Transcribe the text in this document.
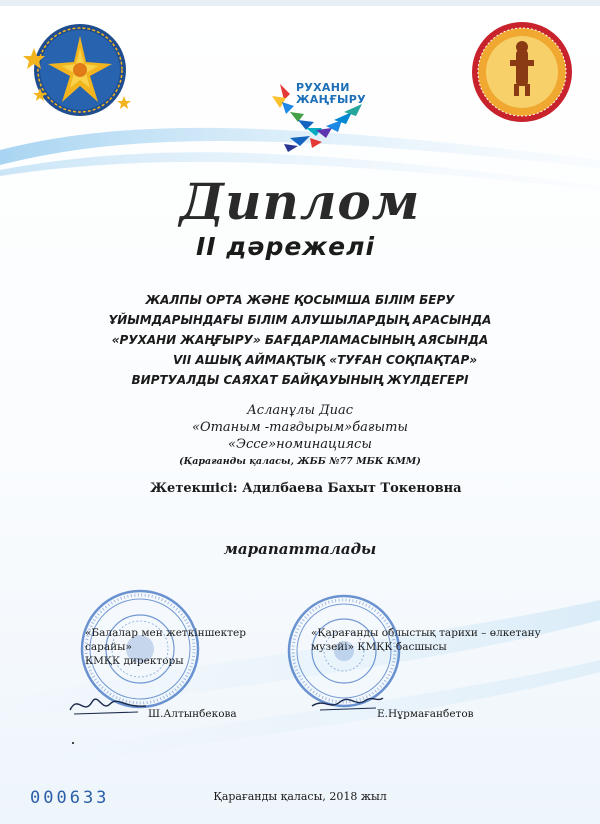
РУХАНИ
ЖАҢҒЫРУ
Диплом
II дәрежелі
ЖАЛПЫ ОРТА ЖӘНЕ ҚОСЫМША БІЛІМ БЕРУ
ҰЙЫМДАРЫНДАҒЫ БІЛІМ АЛУШЫЛАРДЫҢ АРАСЫНДА
«РУХАНИ ЖАҢҒЫРУ» БАҒДАРЛАМАСЫНЫҢ АЯСЫНДА
VII АШЫҚ АЙМАҚТЫҚ «ТУҒАН СОҚПАҚТАР»
ВИРТУАЛДЫ САЯХАТ БАЙҚАУЫНЫҢ ЖҮЛДЕГЕРІ
Асланұлы Диас
«Отаным -тағдырым»бағыты
«Эссе»номинациясы
(Қарағанды қаласы, ЖББ №77 МБК КММ)
Жетекшісі: Адилбаева Бахыт Токеновна
марапатталады
«Балалар мен жеткіншектер сарайы»
КМҚК директоры
«Қарағанды облыстық тарихи – өлкетану
музейі» КМҚК басшысы
Ш.Алтынбекова	Е.Нұрмағанбетов
Қарағанды қаласы, 2018 жыл
000633
